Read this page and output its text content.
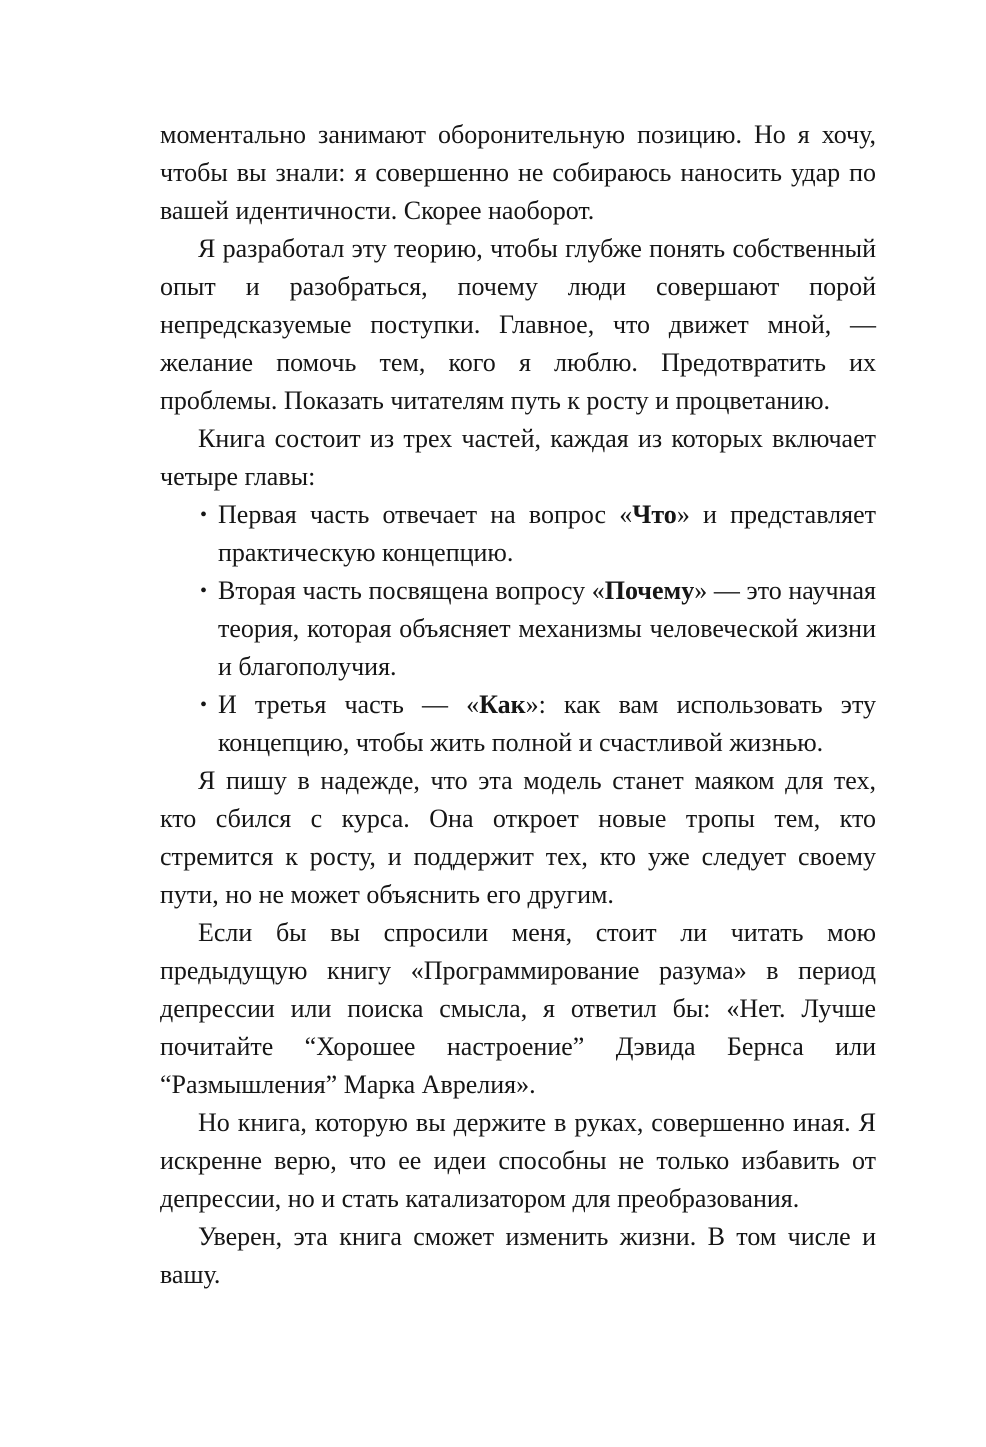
моментально занимают оборонительную позицию. Но я хочу, чтобы вы знали: я совершенно не собираюсь наносить удар по вашей идентичности. Скорее наоборот.

Я разработал эту теорию, чтобы глубже понять собственный опыт и разобраться, почему люди совершают порой непредсказуемые поступки. Главное, что движет мной, — желание помочь тем, кого я люблю. Предотвратить их проблемы. Показать читателям путь к росту и процветанию.

Книга состоит из трех частей, каждая из которых включает четыре главы:

• Первая часть отвечает на вопрос «Что» и представляет практическую концепцию.
• Вторая часть посвящена вопросу «Почему» — это научная теория, которая объясняет механизмы человеческой жизни и благополучия.
• И третья часть — «Как»: как вам использовать эту концепцию, чтобы жить полной и счастливой жизнью.

Я пишу в надежде, что эта модель станет маяком для тех, кто сбился с курса. Она откроет новые тропы тем, кто стремится к росту, и поддержит тех, кто уже следует своему пути, но не может объяснить его другим.

Если бы вы спросили меня, стоит ли читать мою предыдущую книгу «Программирование разума» в период депрессии или поиска смысла, я ответил бы: «Нет. Лучше почитайте “Хорошее настроение” Дэвида Бернса или “Размышления” Марка Аврелия».

Но книга, которую вы держите в руках, совершенно иная. Я искренне верю, что ее идеи способны не только избавить от депрессии, но и стать катализатором для преобразования.

Уверен, эта книга сможет изменить жизни. В том числе и вашу.
